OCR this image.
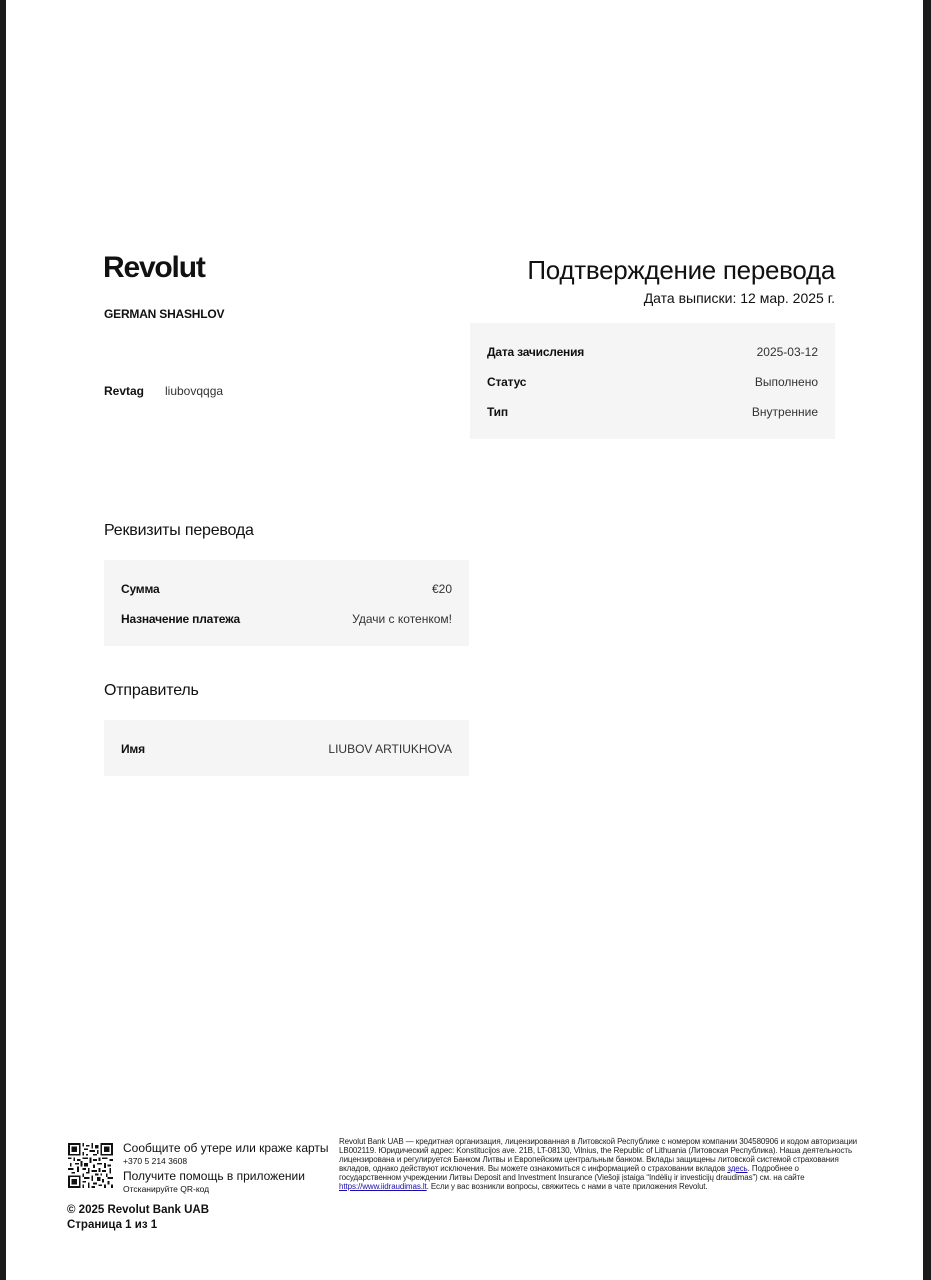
Revolut
GERMAN SHASHLOV
Подтверждение перевода
Дата выписки: 12 мар. 2025 г.
Revtag liubovqqga
Дата зачисления	2025-03-12
Статус	Выполнено
Тип	Внутренние
Реквизиты перевода
Сумма	€20
Назначение платежа	Удачи с котенком!
Отправитель
Имя	LIUBOV ARTIUKHOVA
Сообщите об утере или краже карты
+370 5 214 3608
Получите помощь в приложении
Отсканируйте QR-код
Revolut Bank UAB — кредитная организация, лицензированная в Литовской Республике с номером компании 304580906 и кодом авторизации LB002119. Юридический адрес: Konstitucijos ave. 21B, LT-08130, Vilnius, the Republic of Lithuania (Литовская Республика). Наша деятельность лицензирована и регулируется Банком Литвы и Европейским центральным банком. Вклады защищены литовской системой страхования вкладов, однако действуют исключения. Вы можете ознакомиться с информацией о страховании вкладов здесь. Подробнее о государственном учреждении Литвы Deposit and Investment Insurance (Viešoji įstaiga “Indėlių ir investicijų draudimas”) см. на сайте https://www.iidraudimas.lt. Если у вас возникли вопросы, свяжитесь с нами в чате приложения Revolut.
© 2025 Revolut Bank UAB
Страница 1 из 1
